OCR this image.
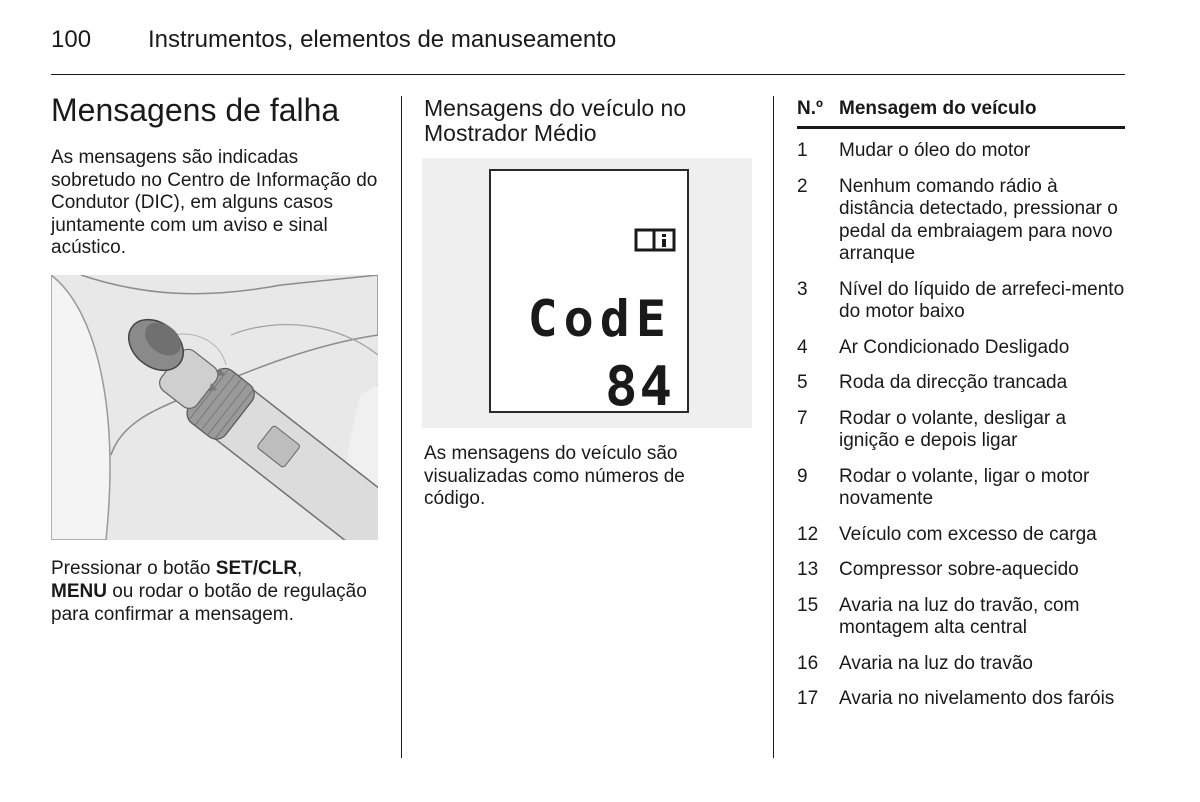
100 Instrumentos, elementos de manuseamento
Mensagens de falha

As mensagens são indicadas sobretudo no Centro de Informação do Condutor (DIC), em alguns casos juntamente com um aviso e sinal acústico.

Pressionar o botão SET/CLR,
MENU ou rodar o botão de regulação para confirmar a mensagem.

Mensagens do veículo no Mostrador Médio
CodE
84

As mensagens do veículo são visualizadas como números de código.

N.º Mensagem do veículo
1	Mudar o óleo do motor
2	Nenhum comando rádio à distância detectado, pressionar o pedal da embraiagem para novo arranque
3	Nível do líquido de arrefeci-mento do motor baixo
4	Ar Condicionado Desligado
5	Roda da direcção trancada
7	Rodar o volante, desligar a ignição e depois ligar
9	Rodar o volante, ligar o motor novamente
12	Veículo com excesso de carga
13	Compressor sobre-aquecido
15	Avaria na luz do travão, com montagem alta central
16	Avaria na luz do travão
17	Avaria no nivelamento dos faróis
